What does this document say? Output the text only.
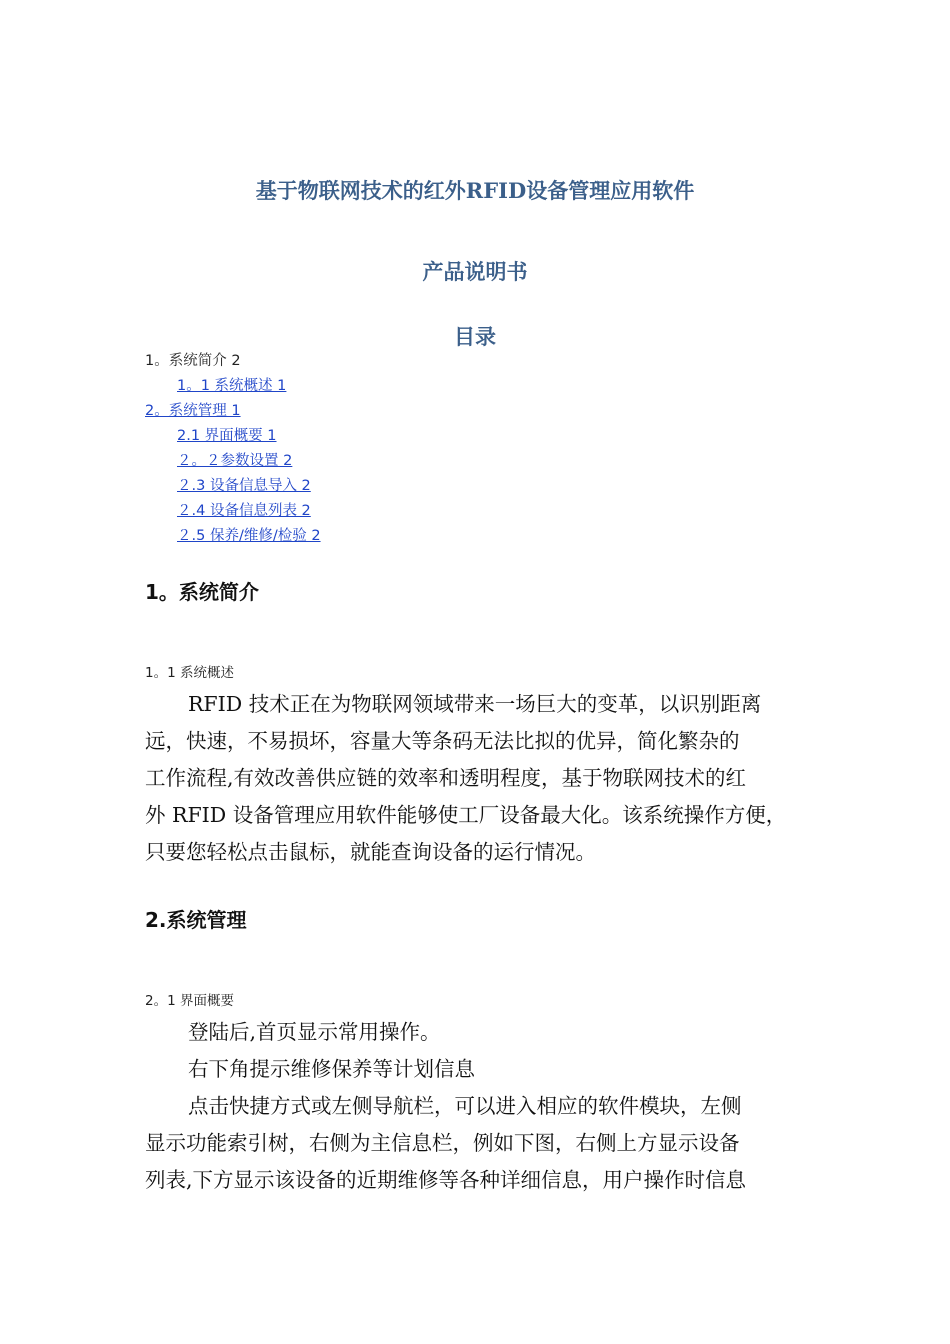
基于物联网技术的红外RFID设备管理应用软件
产品说明书
目录
1。系统简介 2
1。1 系统概述 1
2。系统管理 1
2.1 界面概要 1
２。２参数设置 2
２.3 设备信息导入 2
２.4 设备信息列表 2
２.5 保养/维修/检验 2
1。系统简介
1。1 系统概述
RFID 技术正在为物联网领域带来一场巨大的变革，以识别距离
远，快速，不易损坏，容量大等条码无法比拟的优异，简化繁杂的
工作流程,有效改善供应链的效率和透明程度，基于物联网技术的红
外 RFID 设备管理应用软件能够使工厂设备最大化。该系统操作方便，
只要您轻松点击鼠标，就能查询设备的运行情况。
2.系统管理
2。1 界面概要
登陆后,首页显示常用操作。
右下角提示维修保养等计划信息
点击快捷方式或左侧导航栏，可以进入相应的软件模块，左侧
显示功能索引树，右侧为主信息栏，例如下图，右侧上方显示设备
列表,下方显示该设备的近期维修等各种详细信息，用户操作时信息
